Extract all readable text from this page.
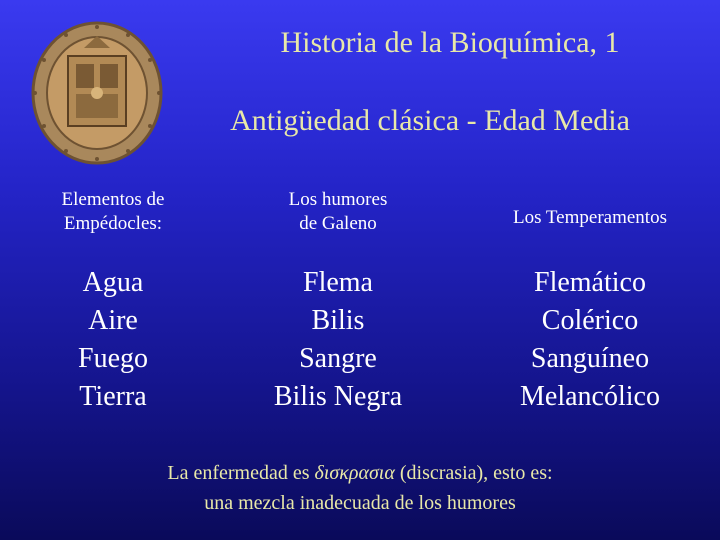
Historia de la Bioquímica, 1
Antigüedad clásica - Edad Media
Elementos de
Empédocles:
Agua
Aire
Fuego
Tierra
Los humores
de Galeno
Flema
Bilis
Sangre
Bilis Negra
Los Temperamentos
Flemático
Colérico
Sanguíneo
Melancólico
La enfermedad es δισκρασια (discrasia), esto es:
una mezcla inadecuada de los humores
